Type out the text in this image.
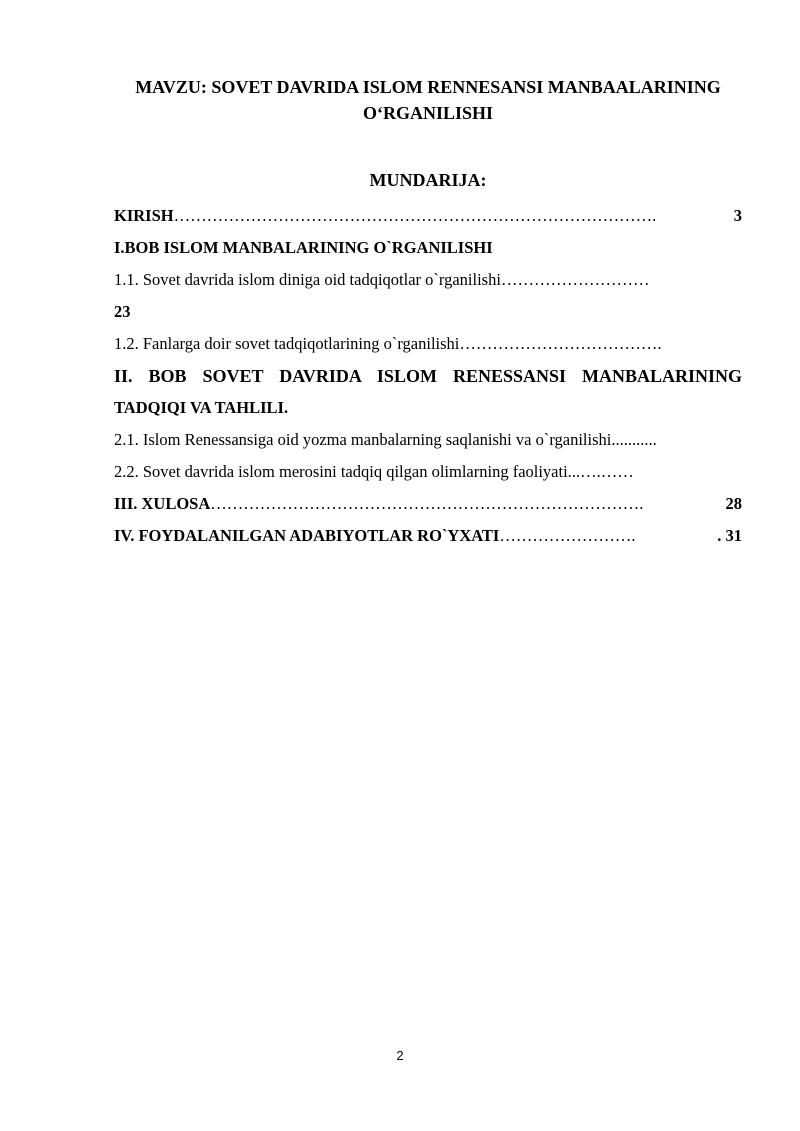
MAVZU: SOVET DAVRIDA ISLOM RENNESANSI MANBAALARINING O‘RGANILISHI
MUNDARIJA:

KIRISH …………………………………………………………………………….	3

I.BOB ISLOM MANBALARINING O`RGANILISHI

1.1. Sovet davrida islom diniga oid tadqiqotlar o`rganilishi ………………………

23

1.2. Fanlarga doir sovet tadqiqotlarining o`rganilishi……………………………….

II. BOB SOVET DAVRIDA ISLOM RENESSANSI MANBALARINING

TADQIQI VA TAHLILI.

2.1. Islom Renessansiga oid yozma manbalarning saqlanishi va o`rganilishi...........

2.2. Sovet davrida islom merosini tadqiq qilgan olimlarning faoliyati...….……

III. XULOSA …………………………………………………………………….	28

IV. FOYDALANILGAN ADABIYOTLAR RO`YXATI …………………….	. 31

2
